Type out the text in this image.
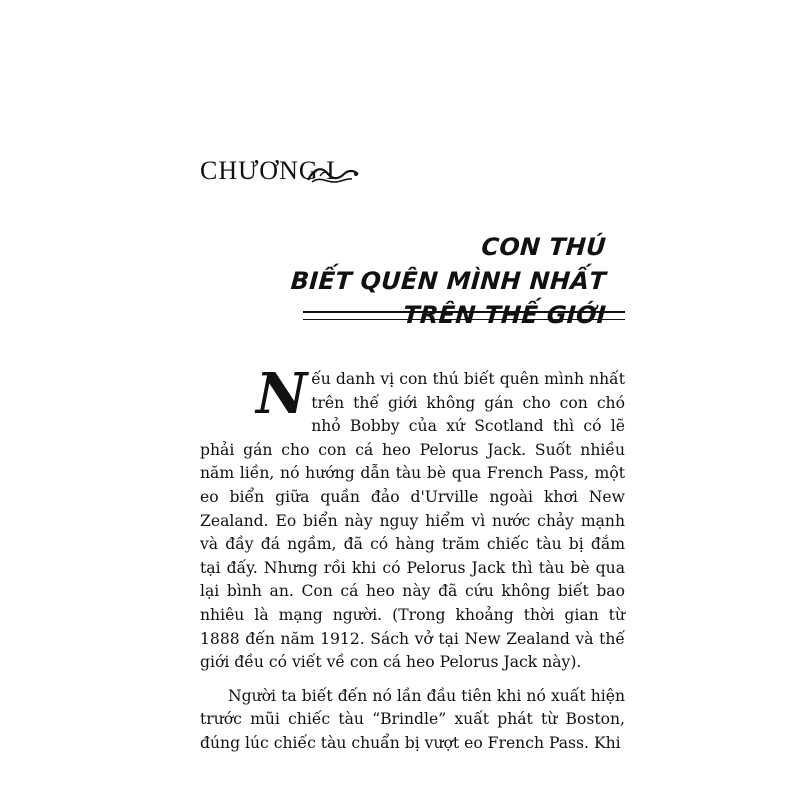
CHƯƠNG I
CON THÚ
BIẾT QUÊN MÌNH NHẤT
TRÊN THẾ GIỚI

Nếu danh vị con thú biết quên mình nhất trên thế giới không gán cho con chó nhỏ Bobby của xứ Scotland thì có lẽ phải gán cho con cá heo Pelorus Jack. Suốt nhiều năm liền, nó hướng dẫn tàu bè qua French Pass, một eo biển giữa quần đảo d'Urville ngoài khơi New Zealand. Eo biển này nguy hiểm vì nước chảy mạnh và đầy đá ngầm, đã có hàng trăm chiếc tàu bị đắm tại đấy. Nhưng rồi khi có Pelorus Jack thì tàu bè qua lại bình an. Con cá heo này đã cứu không biết bao nhiêu là mạng người. (Trong khoảng thời gian từ 1888 đến năm 1912. Sách vở tại New Zealand và thế giới đều có viết về con cá heo Pelorus Jack này).

Người ta biết đến nó lần đầu tiên khi nó xuất hiện trước mũi chiếc tàu “Brindle” xuất phát từ Boston, đúng lúc chiếc tàu chuẩn bị vượt eo French Pass. Khi
